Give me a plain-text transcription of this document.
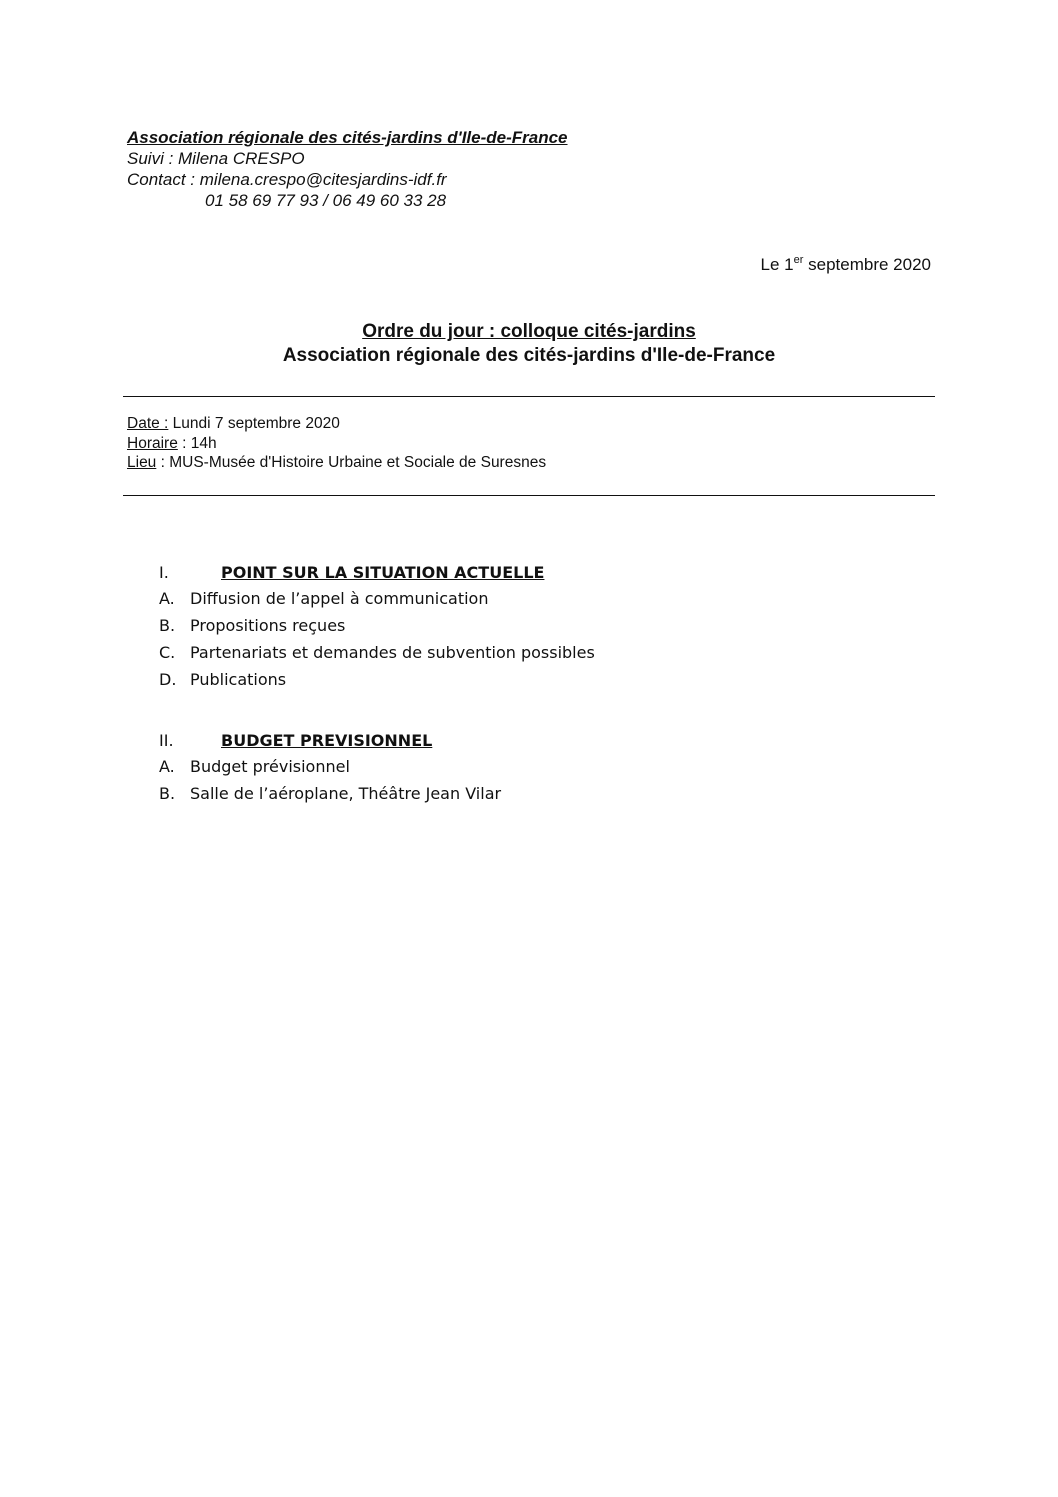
Association régionale des cités-jardins d'Ile-de-France
Suivi : Milena CRESPO
Contact : milena.crespo@citesjardins-idf.fr
01 58 69 77 93 / 06 49 60 33 28
Le 1er septembre 2020
Ordre du jour : colloque cités-jardins
Association régionale des cités-jardins d'Ile-de-France
Date : Lundi 7 septembre 2020
Horaire : 14h
Lieu : MUS-Musée d'Histoire Urbaine et Sociale de Suresnes
I.	POINT SUR LA SITUATION ACTUELLE
A. Diffusion de l’appel à communication
B. Propositions reçues
C. Partenariats et demandes de subvention possibles
D. Publications
II.	BUDGET PREVISIONNEL
A. Budget prévisionnel
B. Salle de l’aéroplane, Théâtre Jean Vilar
